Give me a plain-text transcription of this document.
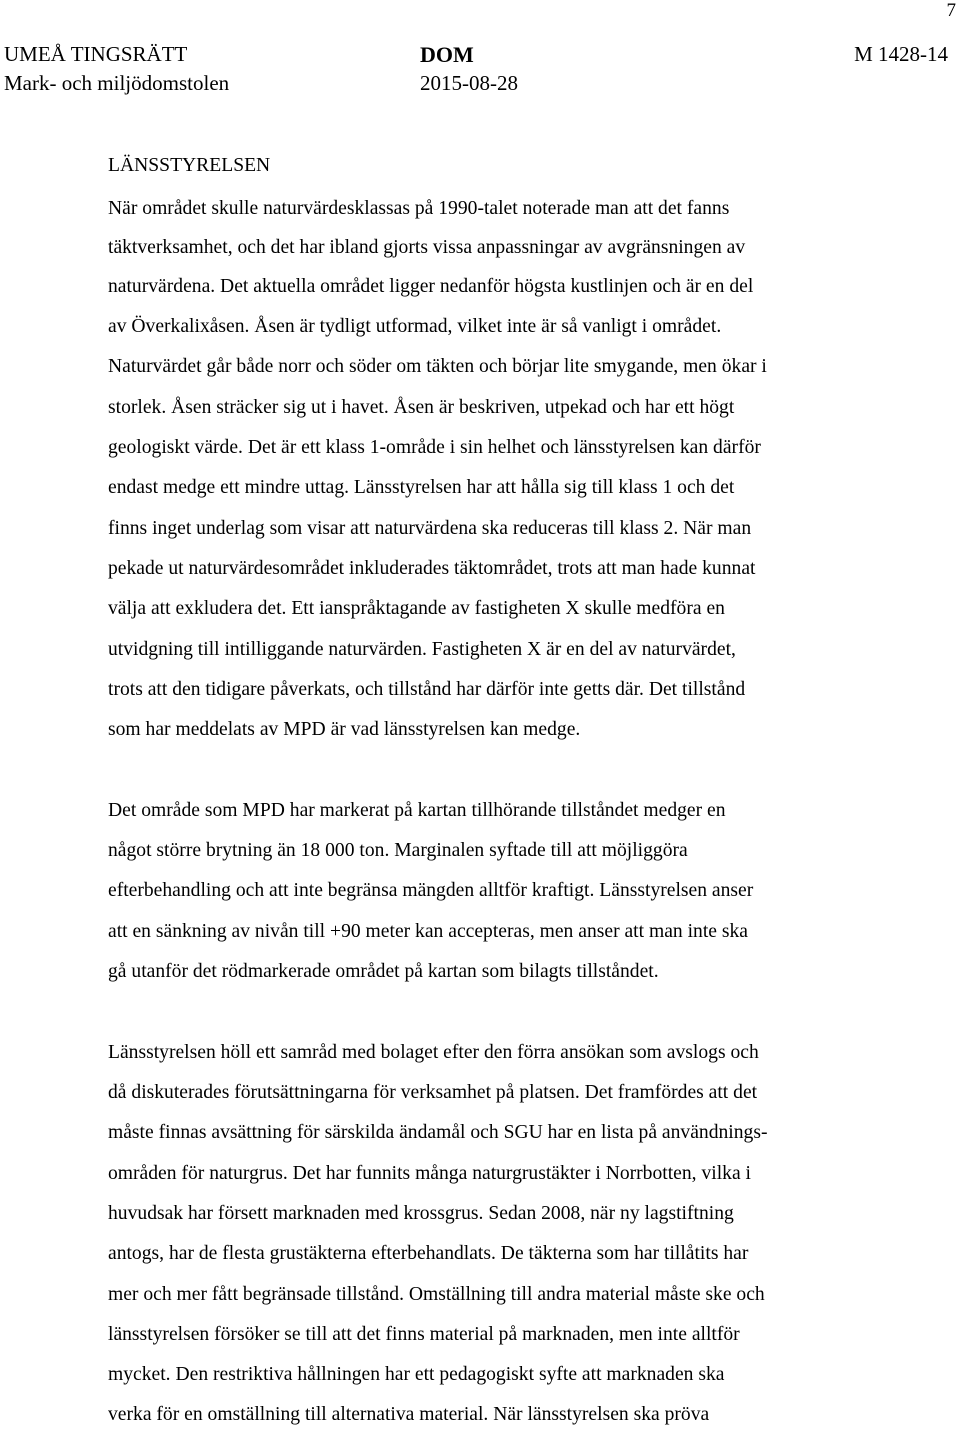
7
UMEÅ TINGSRÄTT
Mark- och miljödomstolen
DOM
2015-08-28
M 1428-14
LÄNSSTYRELSEN
När området skulle naturvärdesklassas på 1990-talet noterade man att det fanns
täktverksamhet, och det har ibland gjorts vissa anpassningar av avgränsningen av
naturvärdena. Det aktuella området ligger nedanför högsta kustlinjen och är en del
av Överkalixåsen. Åsen är tydligt utformad, vilket inte är så vanligt i området.
Naturvärdet går både norr och söder om täkten och börjar lite smygande, men ökar i
storlek. Åsen sträcker sig ut i havet. Åsen är beskriven, utpekad och har ett högt
geologiskt värde. Det är ett klass 1-område i sin helhet och länsstyrelsen kan därför
endast medge ett mindre uttag. Länsstyrelsen har att hålla sig till klass 1 och det
finns inget underlag som visar att naturvärdena ska reduceras till klass 2. När man
pekade ut naturvärdesområdet inkluderades täktområdet, trots att man hade kunnat
välja att exkludera det. Ett ianspråktagande av fastigheten X skulle medföra en
utvidgning till intilliggande naturvärden. Fastigheten X är en del av naturvärdet,
trots att den tidigare påverkats, och tillstånd har därför inte getts där. Det tillstånd
som har meddelats av MPD är vad länsstyrelsen kan medge.
Det område som MPD har markerat på kartan tillhörande tillståndet medger en
något större brytning än 18 000 ton. Marginalen syftade till att möjliggöra
efterbehandling och att inte begränsa mängden alltför kraftigt. Länsstyrelsen anser
att en sänkning av nivån till +90 meter kan accepteras, men anser att man inte ska
gå utanför det rödmarkerade området på kartan som bilagts tillståndet.
Länsstyrelsen höll ett samråd med bolaget efter den förra ansökan som avslogs och
då diskuterades förutsättningarna för verksamhet på platsen. Det framfördes att det
måste finnas avsättning för särskilda ändamål och SGU har en lista på användnings-
områden för naturgrus. Det har funnits många naturgrustäkter i Norrbotten, vilka i
huvudsak har försett marknaden med krossgrus. Sedan 2008, när ny lagstiftning
antogs, har de flesta grustäkterna efterbehandlats. De täkterna som har tillåtits har
mer och mer fått begränsade tillstånd. Omställning till andra material måste ske och
länsstyrelsen försöker se till att det finns material på marknaden, men inte alltför
mycket. Den restriktiva hållningen har ett pedagogiskt syfte att marknaden ska
verka för en omställning till alternativa material. När länsstyrelsen ska pröva
